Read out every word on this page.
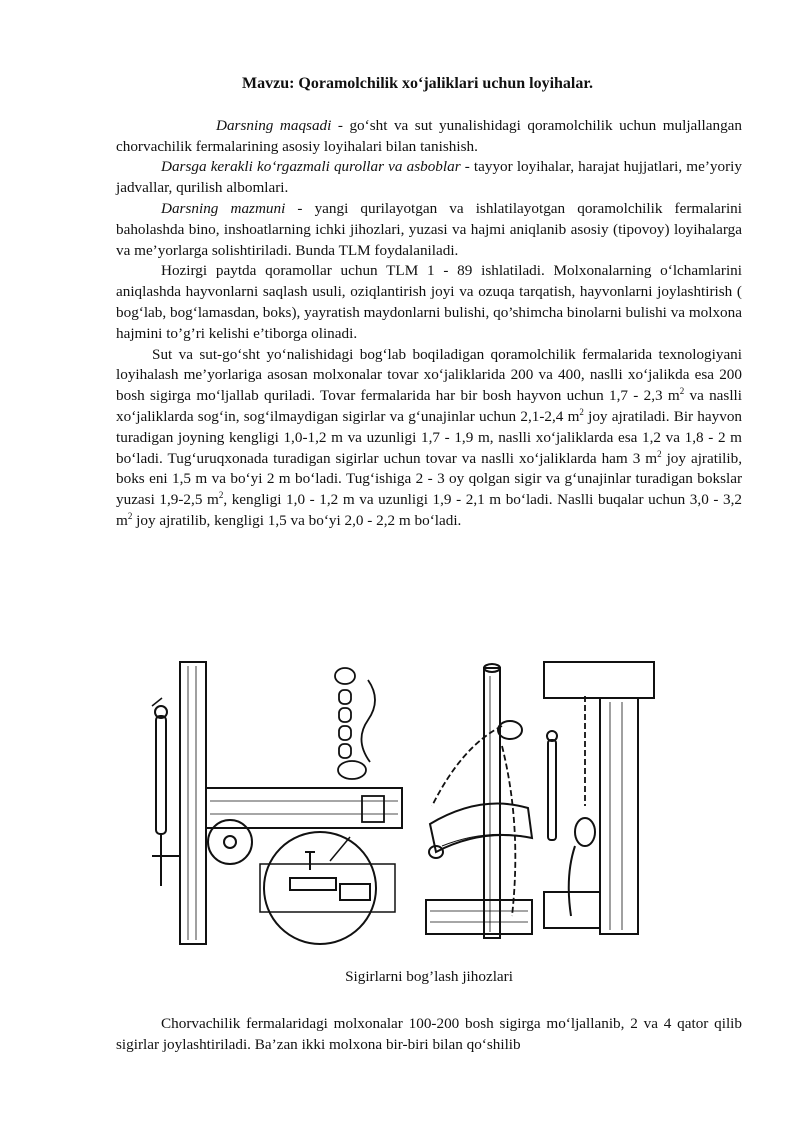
Mavzu: Qoramolchilik xo‘jaliklari uchun loyihalar.

Darsning maqsadi - go‘sht va sut yunalishidagi qoramolchilik uchun muljallangan chorvachilik fermalarining asosiy loyihalari bilan tanishish.

Darsga kerakli ko‘rgazmali qurollar va asboblar - tayyor loyihalar, harajat hujjatlari, me’yoriy jadvallar, qurilish albomlari.

Darsning mazmuni - yangi qurilayotgan va ishlatilayotgan qoramolchilik fermalarini baholashda bino, inshoatlarning ichki jihozlari, yuzasi va hajmi aniqlanib asosiy (tipovoy) loyihalarga va me’yorlarga solishtiriladi. Bunda TLM foydalaniladi.

Hozirgi paytda qoramollar uchun TLM 1 - 89 ishlatiladi. Molxonalarning o‘lchamlarini aniqlashda hayvonlarni saqlash usuli, oziqlantirish joyi va ozuqa tarqatish, hayvonlarni joylashtirish ( bog‘lab, bog‘lamasdan, boks), yayratish maydonlarni bulishi, qo’shimcha binolarni bulishi va molxona hajmini to’g’ri kelishi e’tiborga olinadi.

Sut va sut-go‘sht yo‘nalishidagi bog‘lab boqiladigan qoramolchilik fermalarida texnologiyani loyihalash me’yorlariga asosan molxonalar tovar xo‘jaliklarida 200 va 400, naslli xo‘jalikda esa 200 bosh sigirga mo‘ljallab quriladi. Tovar fermalarida har bir bosh hayvon uchun 1,7 - 2,3 $m^2$ va naslli xo‘jaliklarda sog‘in, sog‘ilmaydigan sigirlar va g‘unajinlar uchun 2,1-2,4 $m^2$ joy ajratiladi. Bir hayvon turadigan joyning kengligi 1,0-1,2 m va uzunligi 1,7 - 1,9 m, naslli xo‘jaliklarda esa 1,2 va 1,8 - 2 m bo‘ladi. Tug‘uruqxonada turadigan sigirlar uchun tovar va naslli xo‘jaliklarda ham 3 $m^2$ joy ajratilib, boks eni 1,5 m va bo‘yi 2 m bo‘ladi. Tug‘ishiga 2 - 3 oy qolgan sigir va g‘unajinlar turadigan bokslar yuzasi 1,9-2,5 $m^2$, kengligi 1,0 - 1,2 m va uzunligi 1,9 - 2,1 m bo‘ladi. Naslli buqalar uchun 3,0 - 3,2 $m^2$ joy ajratilib, kengligi 1,5 va bo‘yi 2,0 - 2,2 m bo‘ladi.

Sigirlarni bog’lash jihozlari

Chorvachilik fermalaridagi molxonalar 100-200 bosh sigirga mo‘ljallanib, 2 va 4 qator qilib sigirlar joylashtiriladi. Ba’zan ikki molxona bir-biri bilan qo‘shilib
